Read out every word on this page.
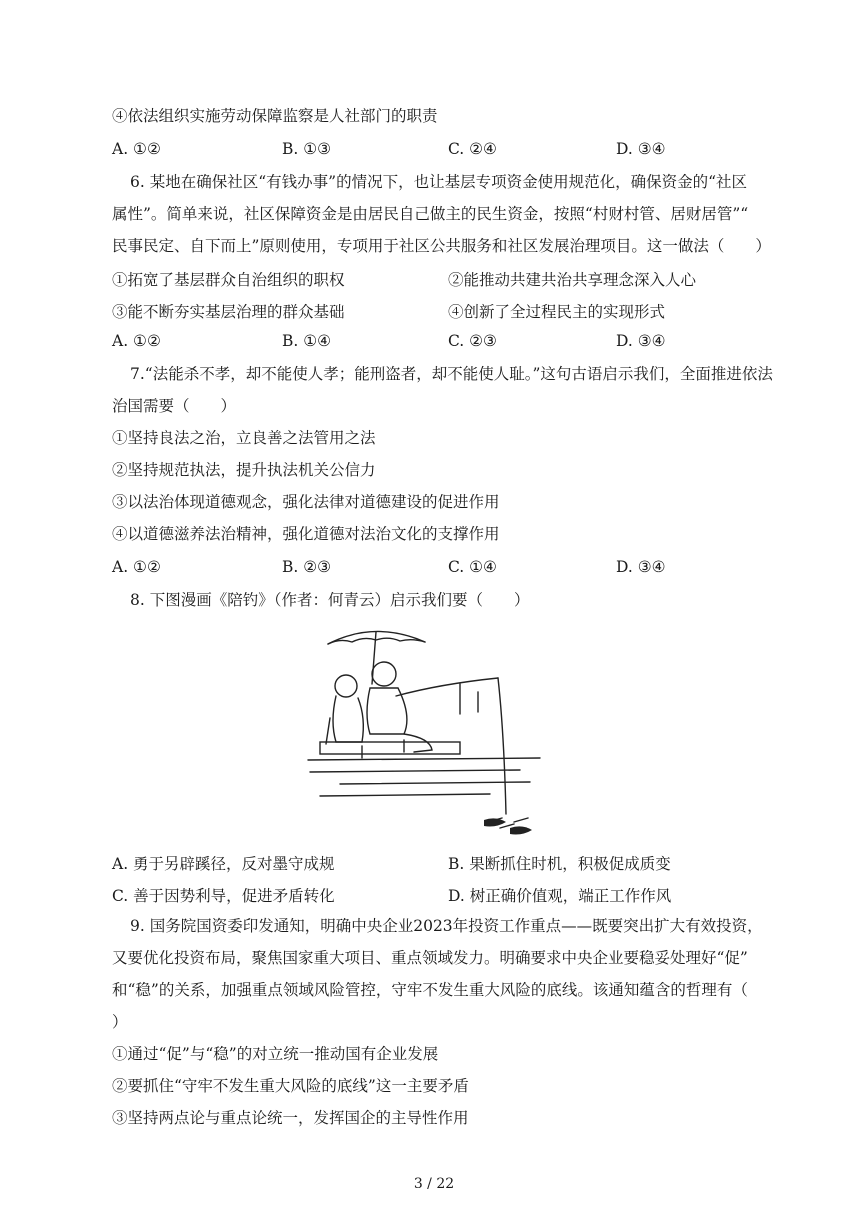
④依法组织实施劳动保障监察是人社部门的职责
A. ①②	B. ①③	C. ②④	D. ③④
6. 某地在确保社区“有钱办事”的情况下，也让基层专项资金使用规范化，确保资金的“社区
属性”。简单来说，社区保障资金是由居民自己做主的民生资金，按照“村财村管、居财居管”“
民事民定、自下而上”原则使用，专项用于社区公共服务和社区发展治理项目。这一做法（　　）
①拓宽了基层群众自治组织的职权	②能推动共建共治共享理念深入人心
③能不断夯实基层治理的群众基础	④创新了全过程民主的实现形式
A. ①②	B. ①④	C. ②③	D. ③④
7.“法能杀不孝，却不能使人孝；能刑盗者，却不能使人耻。”这句古语启示我们，全面推进依法
治国需要（　　）
①坚持良法之治，立良善之法管用之法
②坚持规范执法，提升执法机关公信力
③以法治体现道德观念，强化法律对道德建设的促进作用
④以道德滋养法治精神，强化道德对法治文化的支撑作用
A. ①②	B. ②③	C. ①④	D. ③④
8. 下图漫画《陪钓》（作者：何青云）启示我们要（　　）
A. 勇于另辟蹊径，反对墨守成规	B. 果断抓住时机，积极促成质变
C. 善于因势利导，促进矛盾转化	D. 树正确价值观，端正工作作风
9. 国务院国资委印发通知，明确中央企业2023年投资工作重点——既要突出扩大有效投资，
又要优化投资布局，聚焦国家重大项目、重点领域发力。明确要求中央企业要稳妥处理好“促”
和“稳”的关系，加强重点领域风险管控，守牢不发生重大风险的底线。该通知蕴含的哲理有（
）
①通过“促”与“稳”的对立统一推动国有企业发展
②要抓住“守牢不发生重大风险的底线”这一主要矛盾
③坚持两点论与重点论统一，发挥国企的主导性作用
3 / 22
